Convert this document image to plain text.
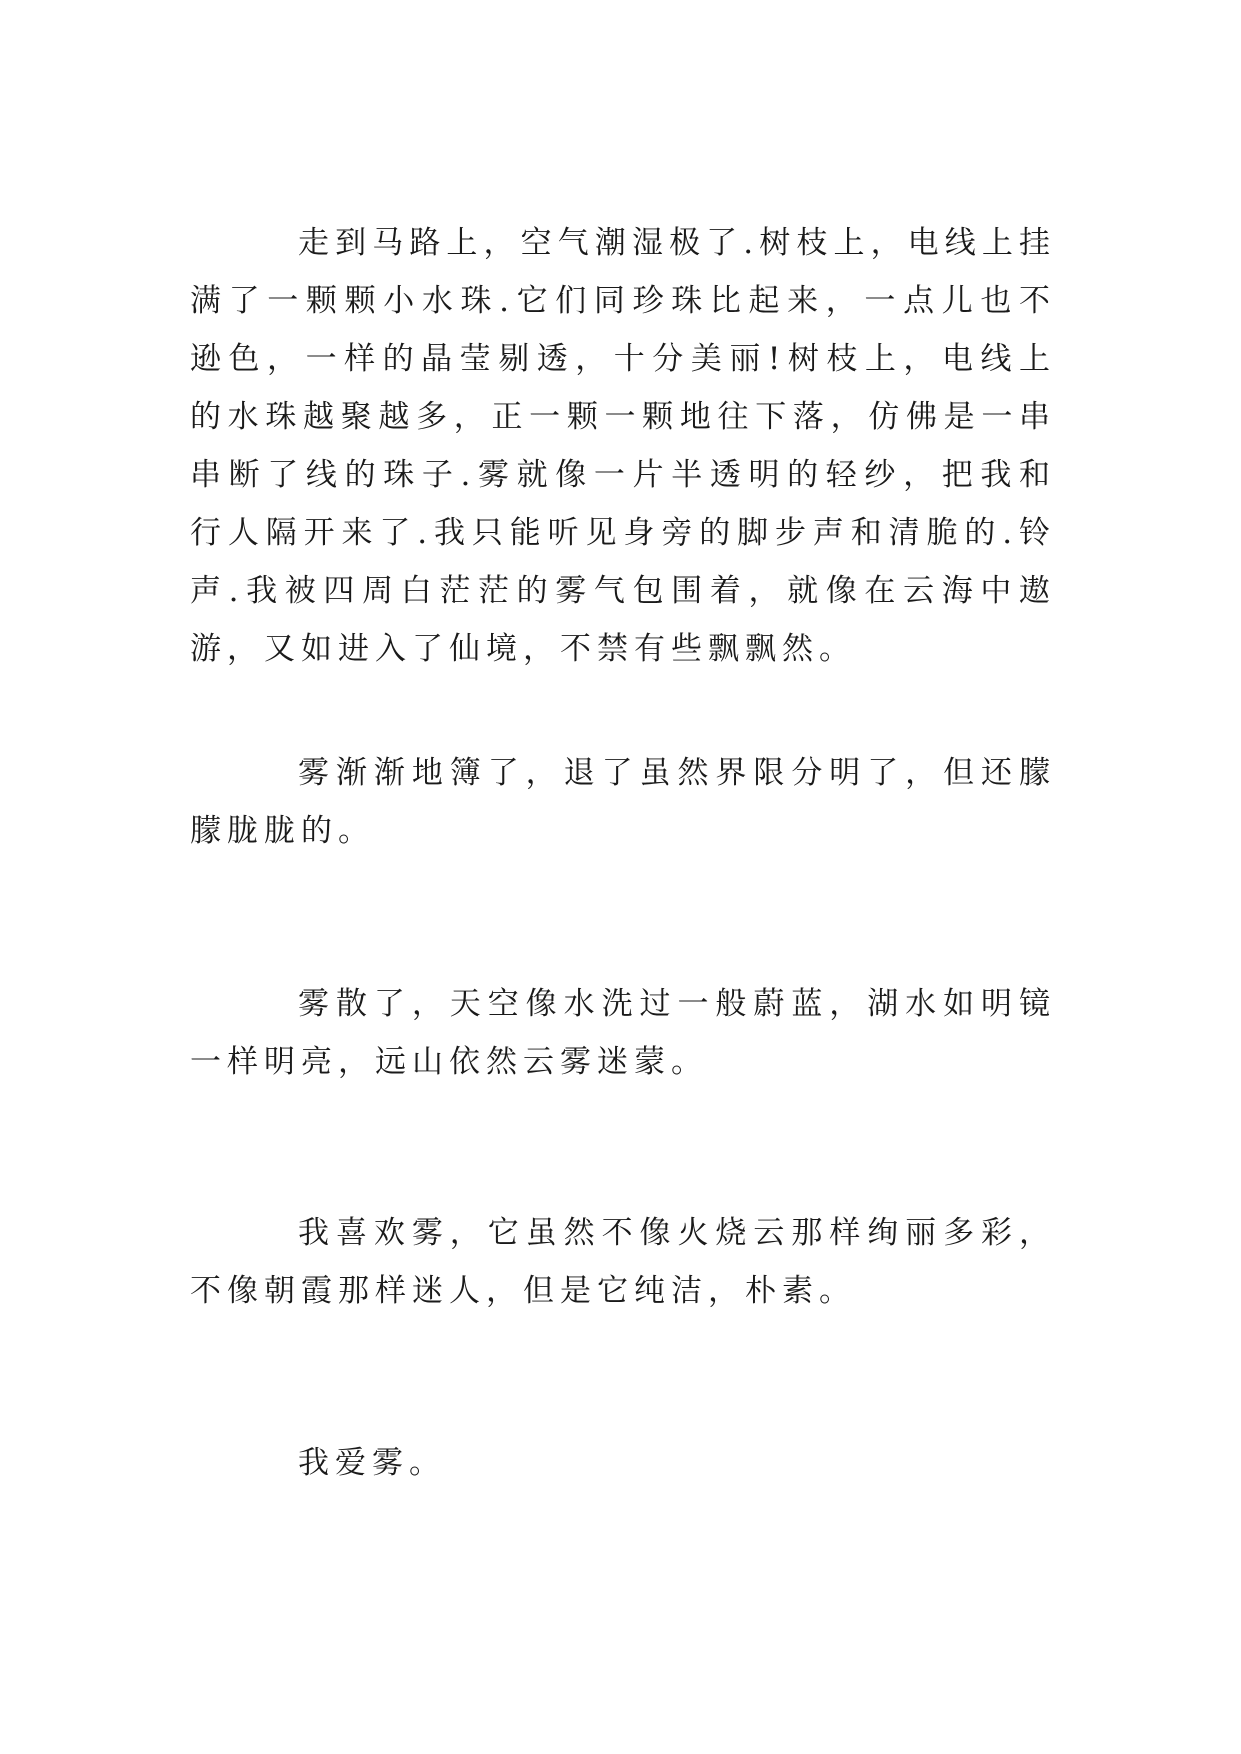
走到马路上，空气潮湿极了.树枝上，电线上挂满了一颗颗小水珠.它们同珍珠比起来，一点儿也不逊色，一样的晶莹剔透，十分美丽!树枝上，电线上的水珠越聚越多，正一颗一颗地往下落，仿佛是一串串断了线的珠子.雾就像一片半透明的轻纱，把我和行人隔开来了.我只能听见身旁的脚步声和清脆的.铃声.我被四周白茫茫的雾气包围着，就像在云海中遨游，又如进入了仙境，不禁有些飘飘然。

雾渐渐地簿了，退了虽然界限分明了，但还朦朦胧胧的。

雾散了，天空像水洗过一般蔚蓝，湖水如明镜一样明亮，远山依然云雾迷蒙。

我喜欢雾，它虽然不像火烧云那样绚丽多彩，不像朝霞那样迷人，但是它纯洁，朴素。

我爱雾。
